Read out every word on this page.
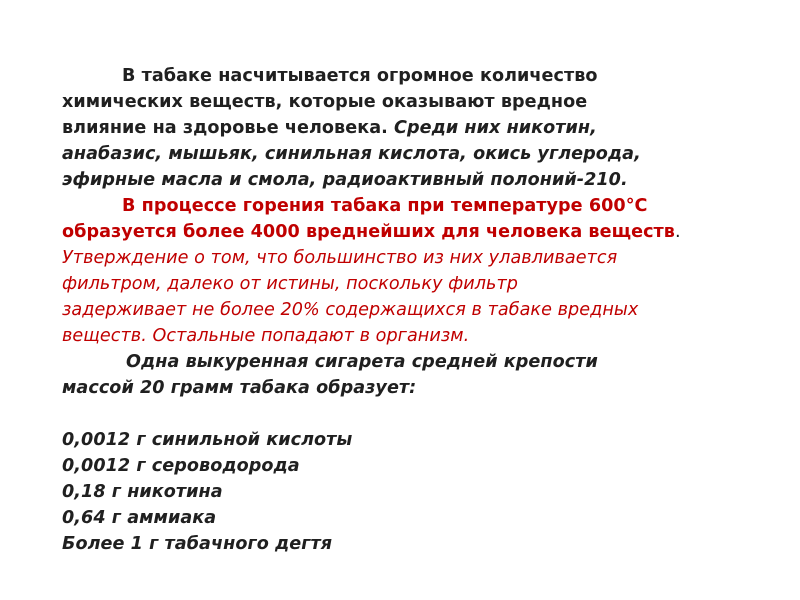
В табаке насчитывается огромное количество
химических веществ, которые оказывают вредное
влияние на здоровье человека. Среди них никотин,
анабазис, мышьяк, синильная кислота, окись углерода,
эфирные масла и смола, радиоактивный полоний-210.
В процессе горения табака при температуре 600°С
образуется более 4000 вреднейших для человека веществ.
Утверждение о том, что большинство из них улавливается
фильтром, далеко от истины, поскольку фильтр
задерживает не более 20% содержащихся в табаке вредных
веществ. Остальные попадают в организм.
Одна выкуренная сигарета средней крепости
массой 20 грамм табака образует:
0,0012 г синильной кислоты
0,0012 г сероводорода
0,18 г никотина
0,64 г аммиака
Более 1 г табачного дегтя
